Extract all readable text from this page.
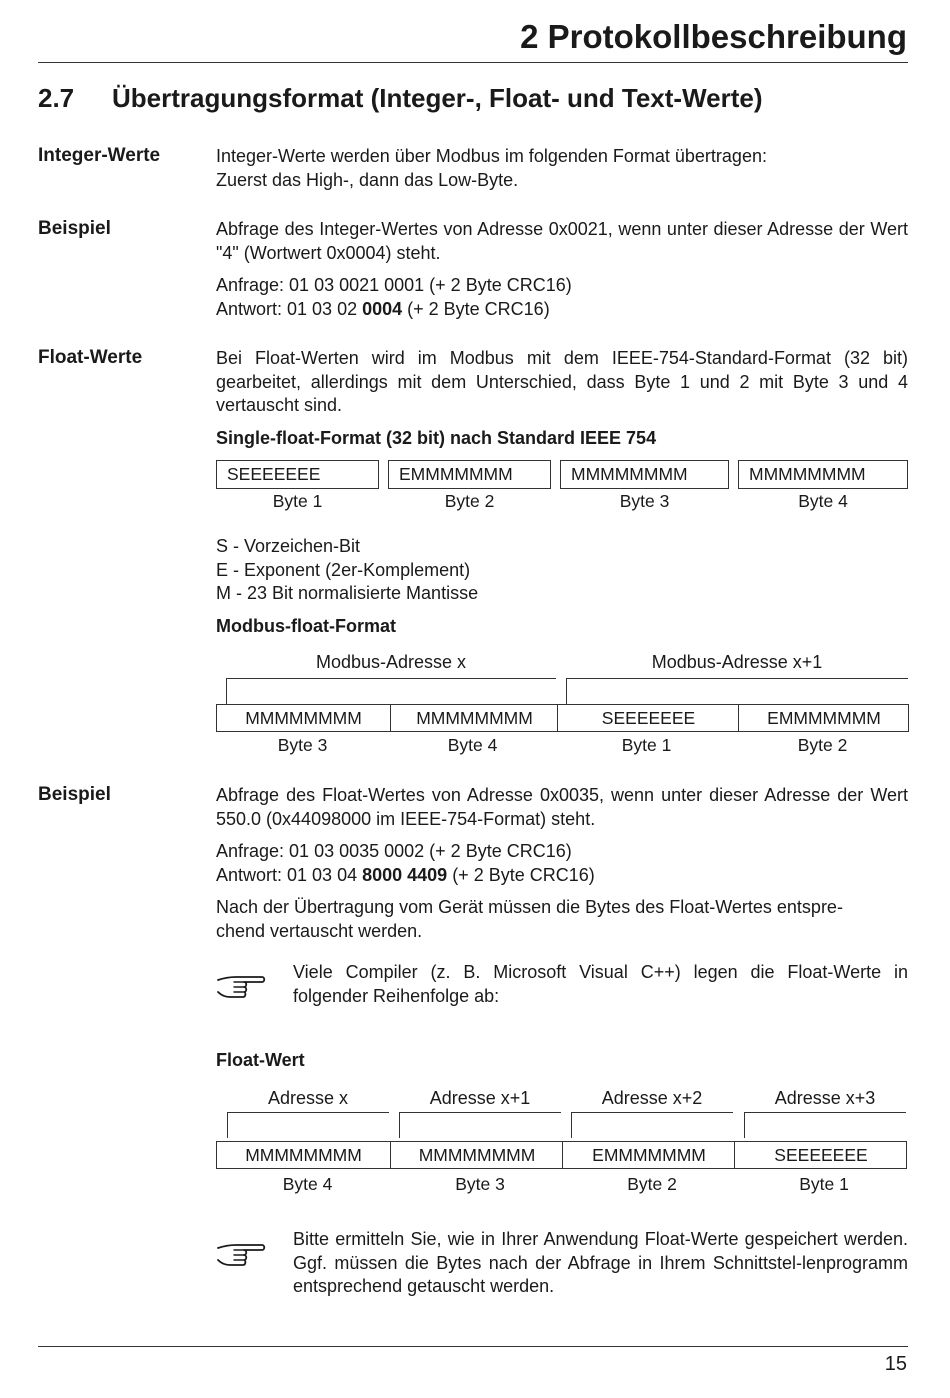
2 Protokollbeschreibung
2.7 Übertragungsformat (Integer-, Float- und Text-Werte)
Integer-Werte	Integer-Werte werden über Modbus im folgenden Format übertragen:
Zuerst das High-, dann das Low-Byte.
Beispiel	Abfrage des Integer-Wertes von Adresse 0x0021, wenn unter dieser Adresse der Wert "4" (Wortwert 0x0004) steht.
Anfrage: 01 03 0021 0001 (+ 2 Byte CRC16)
Antwort: 01 03 02 0004 (+ 2 Byte CRC16)
Float-Werte	Bei Float-Werten wird im Modbus mit dem IEEE-754-Standard-Format (32 bit) gearbeitet, allerdings mit dem Unterschied, dass Byte 1 und 2 mit Byte 3 und 4 vertauscht sind.
Single-float-Format (32 bit) nach Standard IEEE 754
SEEEEEEE	EMMMMMMM	MMMMMMMM	MMMMMMMM
Byte 1	Byte 2	Byte 3	Byte 4
S - Vorzeichen-Bit
E - Exponent (2er-Komplement)
M - 23 Bit normalisierte Mantisse
Modbus-float-Format
Modbus-Adresse x	Modbus-Adresse x+1
MMMMMMMM	MMMMMMMM	SEEEEEEE	EMMMMMMM
Byte 3	Byte 4	Byte 1	Byte 2
Beispiel	Abfrage des Float-Wertes von Adresse 0x0035, wenn unter dieser Adresse der Wert 550.0 (0x44098000 im IEEE-754-Format) steht.
Anfrage: 01 03 0035 0002 (+ 2 Byte CRC16)
Antwort: 01 03 04 8000 4409 (+ 2 Byte CRC16)
Nach der Übertragung vom Gerät müssen die Bytes des Float-Wertes entspre-
chend vertauscht werden.
Viele Compiler (z. B. Microsoft Visual C++) legen die Float-Werte in folgender Reihenfolge ab:
Float-Wert
Adresse x	Adresse x+1	Adresse x+2	Adresse x+3
MMMMMMMM	MMMMMMMM	EMMMMMMM	SEEEEEEE
Byte 4	Byte 3	Byte 2	Byte 1
Bitte ermitteln Sie, wie in Ihrer Anwendung Float-Werte gespeichert werden. Ggf. müssen die Bytes nach der Abfrage in Ihrem Schnittstel-lenprogramm entsprechend getauscht werden.
15
